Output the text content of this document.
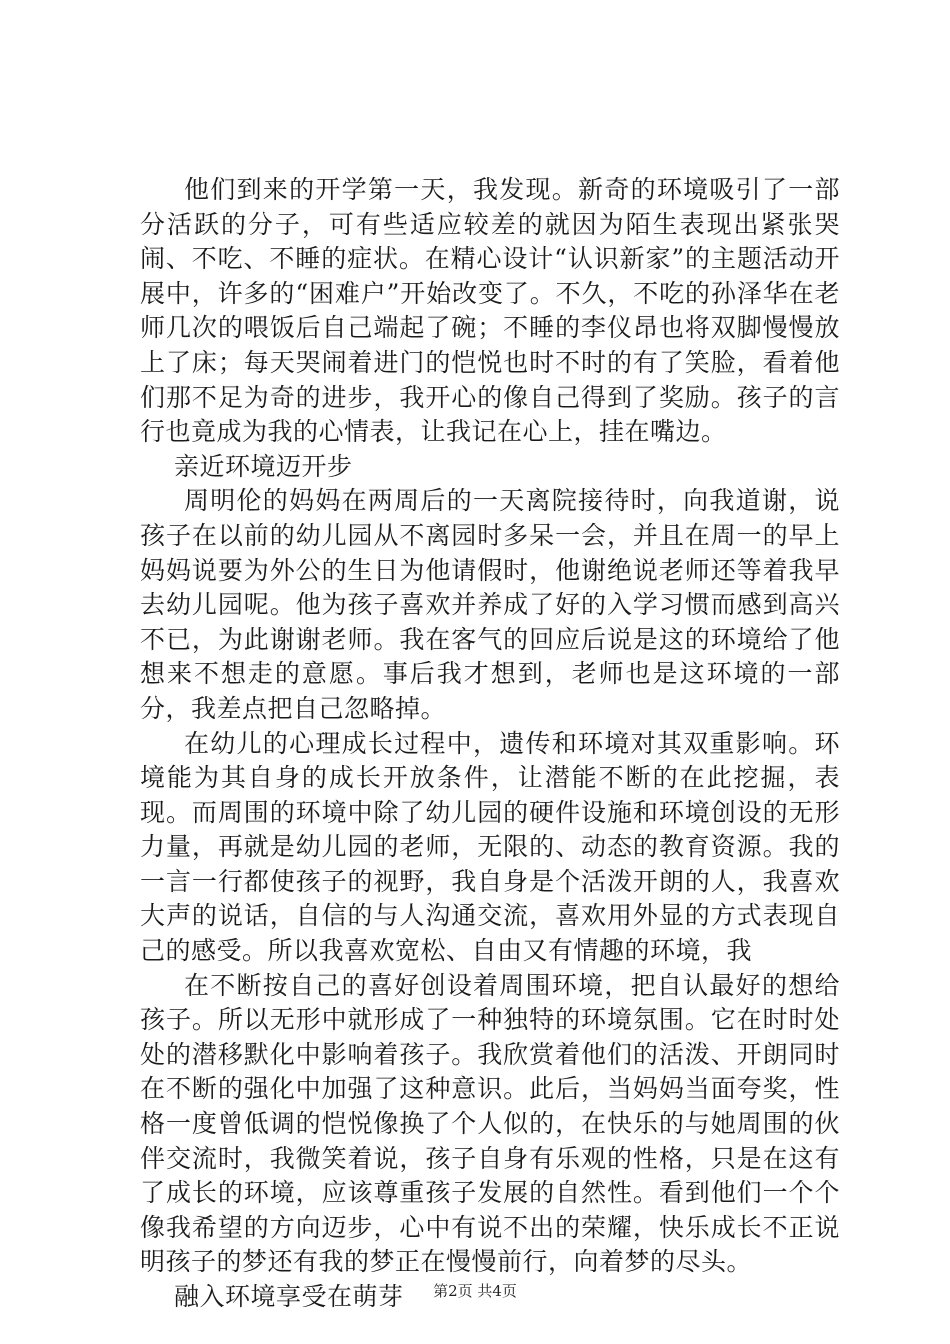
他们到来的开学第一天，我发现。新奇的环境吸引了一部分活跃的分子，可有些适应较差的就因为陌生表现出紧张哭闹、不吃、不睡的症状。在精心设计“认识新家”的主题活动开展中，许多的“困难户”开始改变了。不久，不吃的孙泽华在老师几次的喂饭后自己端起了碗；不睡的李仪昂也将双脚慢慢放上了床；每天哭闹着进门的恺悦也时不时的有了笑脸，看着他们那不足为奇的进步，我开心的像自己得到了奖励。孩子的言行也竟成为我的心情表，让我记在心上，挂在嘴边。

亲近环境迈开步

周明伦的妈妈在两周后的一天离院接待时，向我道谢，说孩子在以前的幼儿园从不离园时多呆一会，并且在周一的早上妈妈说要为外公的生日为他请假时，他谢绝说老师还等着我早去幼儿园呢。他为孩子喜欢并养成了好的入学习惯而感到高兴不已，为此谢谢老师。我在客气的回应后说是这的环境给了他想来不想走的意愿。事后我才想到，老师也是这环境的一部分，我差点把自己忽略掉。

在幼儿的心理成长过程中，遗传和环境对其双重影响。环境能为其自身的成长开放条件，让潜能不断的在此挖掘，表现。而周围的环境中除了幼儿园的硬件设施和环境创设的无形力量，再就是幼儿园的老师，无限的、动态的教育资源。我的一言一行都使孩子的视野，我自身是个活泼开朗的人，我喜欢大声的说话，自信的与人沟通交流，喜欢用外显的方式表现自己的感受。所以我喜欢宽松、自由又有情趣的环境，我

在不断按自己的喜好创设着周围环境，把自认最好的想给孩子。所以无形中就形成了一种独特的环境氛围。它在时时处处的潜移默化中影响着孩子。我欣赏着他们的活泼、开朗同时在不断的强化中加强了这种意识。此后，当妈妈当面夸奖，性格一度曾低调的恺悦像换了个人似的，在快乐的与她周围的伙伴交流时，我微笑着说，孩子自身有乐观的性格，只是在这有了成长的环境，应该尊重孩子发展的自然性。看到他们一个个像我希望的方向迈步，心中有说不出的荣耀，快乐成长不正说明孩子的梦还有我的梦正在慢慢前行，向着梦的尽头。

融入环境享受在萌芽	第2页 共4页
